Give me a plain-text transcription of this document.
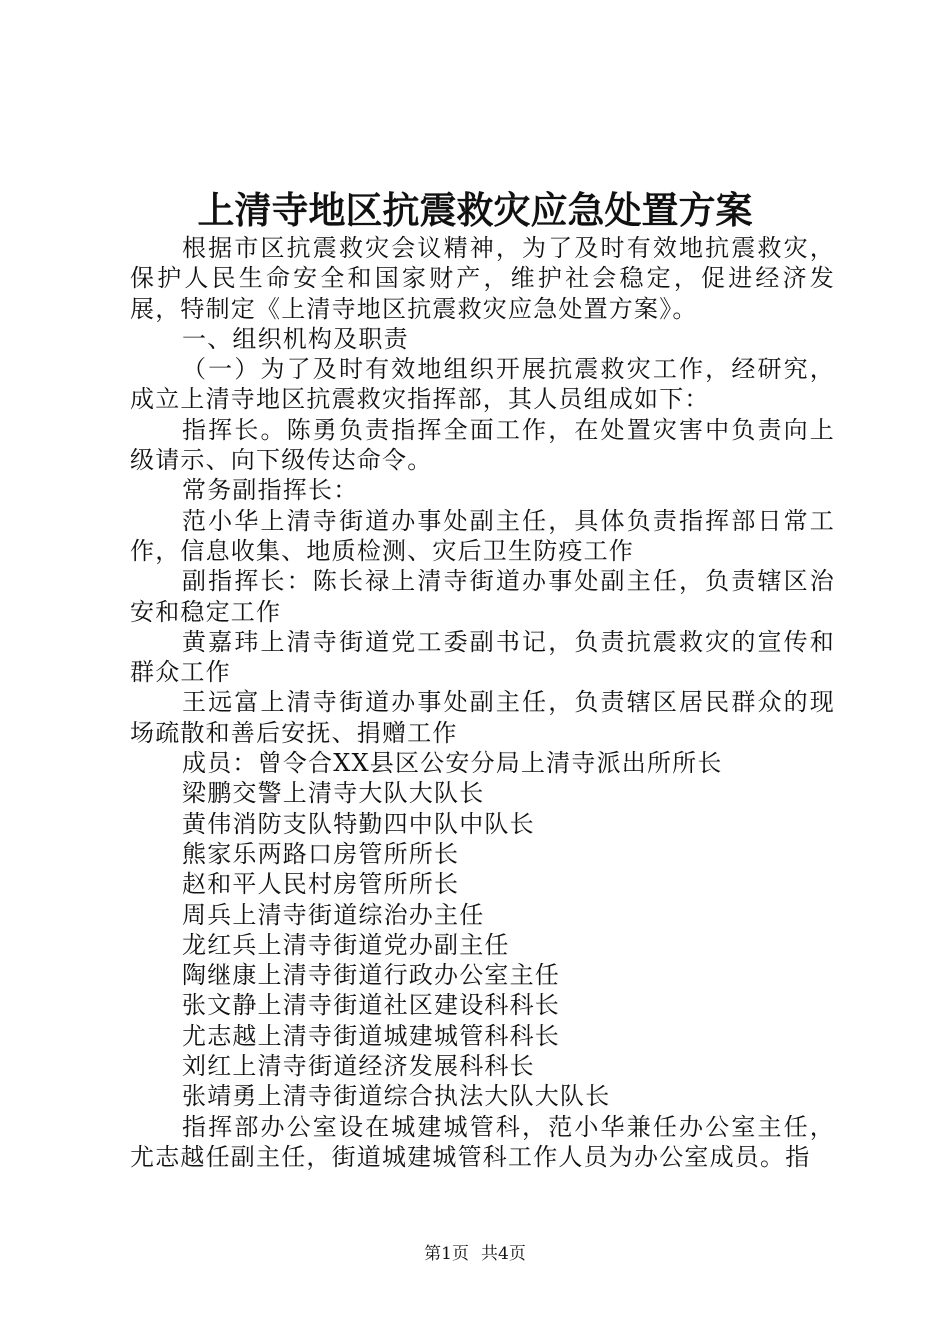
上清寺地区抗震救灾应急处置方案

根据市区抗震救灾会议精神，为了及时有效地抗震救灾，保护人民生命安全和国家财产，维护社会稳定，促进经济发展，特制定《上清寺地区抗震救灾应急处置方案》。

一、组织机构及职责

（一）为了及时有效地组织开展抗震救灾工作，经研究，成立上清寺地区抗震救灾指挥部，其人员组成如下：

指挥长。陈勇负责指挥全面工作，在处置灾害中负责向上级请示、向下级传达命令。

常务副指挥长：

范小华上清寺街道办事处副主任，具体负责指挥部日常工作，信息收集、地质检测、灾后卫生防疫工作

副指挥长：陈长禄上清寺街道办事处副主任，负责辖区治安和稳定工作

黄嘉玮上清寺街道党工委副书记，负责抗震救灾的宣传和群众工作

王远富上清寺街道办事处副主任，负责辖区居民群众的现场疏散和善后安抚、捐赠工作

成员：曾令合XX县区公安分局上清寺派出所所长

梁鹏交警上清寺大队大队长

黄伟消防支队特勤四中队中队长

熊家乐两路口房管所所长

赵和平人民村房管所所长

周兵上清寺街道综治办主任

龙红兵上清寺街道党办副主任

陶继康上清寺街道行政办公室主任

张文静上清寺街道社区建设科科长

尤志越上清寺街道城建城管科科长

刘红上清寺街道经济发展科科长

张靖勇上清寺街道综合执法大队大队长

指挥部办公室设在城建城管科，范小华兼任办公室主任，尤志越任副主任，街道城建城管科工作人员为办公室成员。指

第1页 共4页
